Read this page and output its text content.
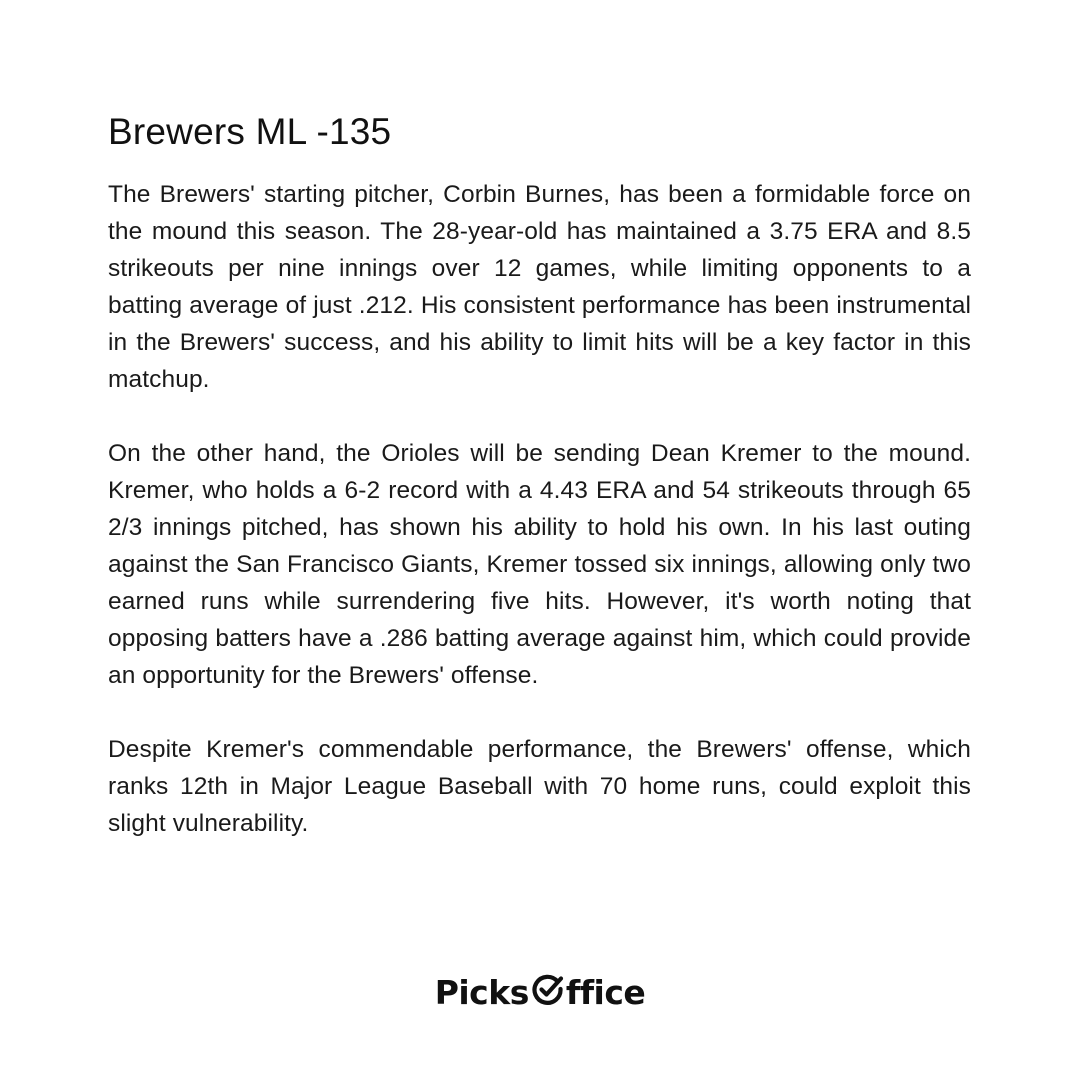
Brewers ML -135

The Brewers' starting pitcher, Corbin Burnes, has been a formidable force on the mound this season. The 28-year-old has maintained a 3.75 ERA and 8.5 strikeouts per nine innings over 12 games, while limiting opponents to a batting average of just .212. His consistent performance has been instrumental in the Brewers' success, and his ability to limit hits will be a key factor in this matchup.

On the other hand, the Orioles will be sending Dean Kremer to the mound. Kremer, who holds a 6-2 record with a 4.43 ERA and 54 strikeouts through 65 2/3 innings pitched, has shown his ability to hold his own. In his last outing against the San Francisco Giants, Kremer tossed six innings, allowing only two earned runs while surrendering five hits. However, it's worth noting that opposing batters have a .286 batting average against him, which could provide an opportunity for the Brewers' offense.

Despite Kremer's commendable performance, the Brewers' offense, which ranks 12th in Major League Baseball with 70 home runs, could exploit this slight vulnerability.

Picks ffice
